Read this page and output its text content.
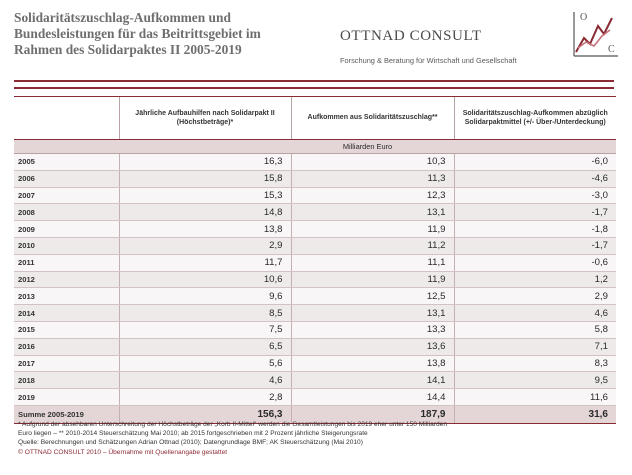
Solidaritätszuschlag-Aufkommen und
Bundesleistungen für das Beitrittsgebiet im
Rahmen des Solidarpaktes II 2005-2019
OTTNAD CONSULT
Forschung & Beratung für Wirtschaft und Gesellschaft
O
C
	Jährliche Aufbauhilfen nach Solidarpakt II (Höchstbeträge)*	Aufkommen aus Solidaritätszuschlag**	Solidaritätszuschlag-Aufkommen abzüglich Solidarpaktmittel (+/- Über-/Unterdeckung)
	Milliarden Euro		
2005	16,3	10,3	-6,0
2006	15,8	11,3	-4,6
2007	15,3	12,3	-3,0
2008	14,8	13,1	-1,7
2009	13,8	11,9	-1,8
2010	2,9	11,2	-1,7
2011	11,7	11,1	-0,6
2012	10,6	11,9	1,2
2013	9,6	12,5	2,9
2014	8,5	13,1	4,6
2015	7,5	13,3	5,8
2016	6,5	13,6	7,1
2017	5,6	13,8	8,3
2018	4,6	14,1	9,5
2019	2,8	14,4	11,6
Summe 2005-2019	156,3	187,9	31,6
* Aufgrund der absehbaren Unterschreitung der Höchstbeträge der „Korb II-Mittel" werden die Gesamtleistungen bis 2019 eher unter 150 Milliarden
Euro liegen – ** 2010-2014 Steuerschätzung Mai 2010; ab 2015 fortgeschrieben mit 2 Prozent jährliche Steigerungsrate
Quelle: Berechnungen und Schätzungen Adrian Ottnad (2010); Datengrundlage BMF; AK Steuerschätzung (Mai 2010)
© OTTNAD CONSULT 2010 – Übernahme mit Quellenangabe gestattet
